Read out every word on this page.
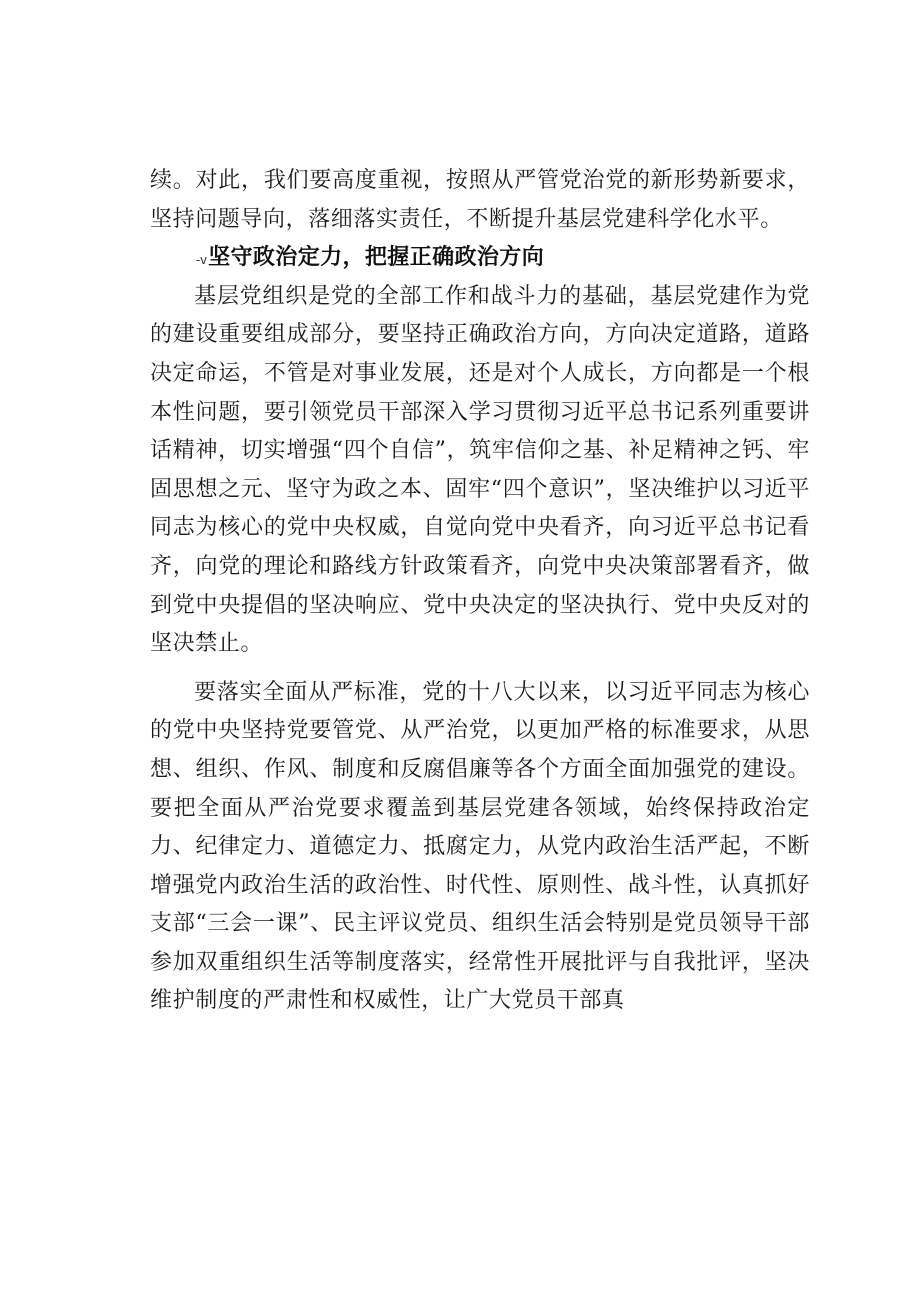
续。对此，我们要高度重视，按照从严管党治党的新形势新要求，坚持问题导向，落细落实责任，不断提升基层党建科学化水平。

-v坚守政治定力，把握正确政治方向

基层党组织是党的全部工作和战斗力的基础，基层党建作为党的建设重要组成部分，要坚持正确政治方向，方向决定道路，道路决定命运，不管是对事业发展，还是对个人成长，方向都是一个根本性问题，要引领党员干部深入学习贯彻习近平总书记系列重要讲话精神，切实增强“四个自信”，筑牢信仰之基、补足精神之钙、牢固思想之元、坚守为政之本、固牢“四个意识”，坚决维护以习近平同志为核心的党中央权威，自觉向党中央看齐，向习近平总书记看齐，向党的理论和路线方针政策看齐，向党中央决策部署看齐，做到党中央提倡的坚决响应、党中央决定的坚决执行、党中央反对的坚决禁止。

要落实全面从严标准，党的十八大以来，以习近平同志为核心的党中央坚持党要管党、从严治党，以更加严格的标准要求，从思想、组织、作风、制度和反腐倡廉等各个方面全面加强党的建设。要把全面从严治党要求覆盖到基层党建各领域，始终保持政治定力、纪律定力、道德定力、抵腐定力，从党内政治生活严起，不断增强党内政治生活的政治性、时代性、原则性、战斗性，认真抓好支部“三会一课”、民主评议党员、组织生活会特别是党员领导干部参加双重组织生活等制度落实，经常性开展批评与自我批评，坚决维护制度的严肃性和权威性，让广大党员干部真
